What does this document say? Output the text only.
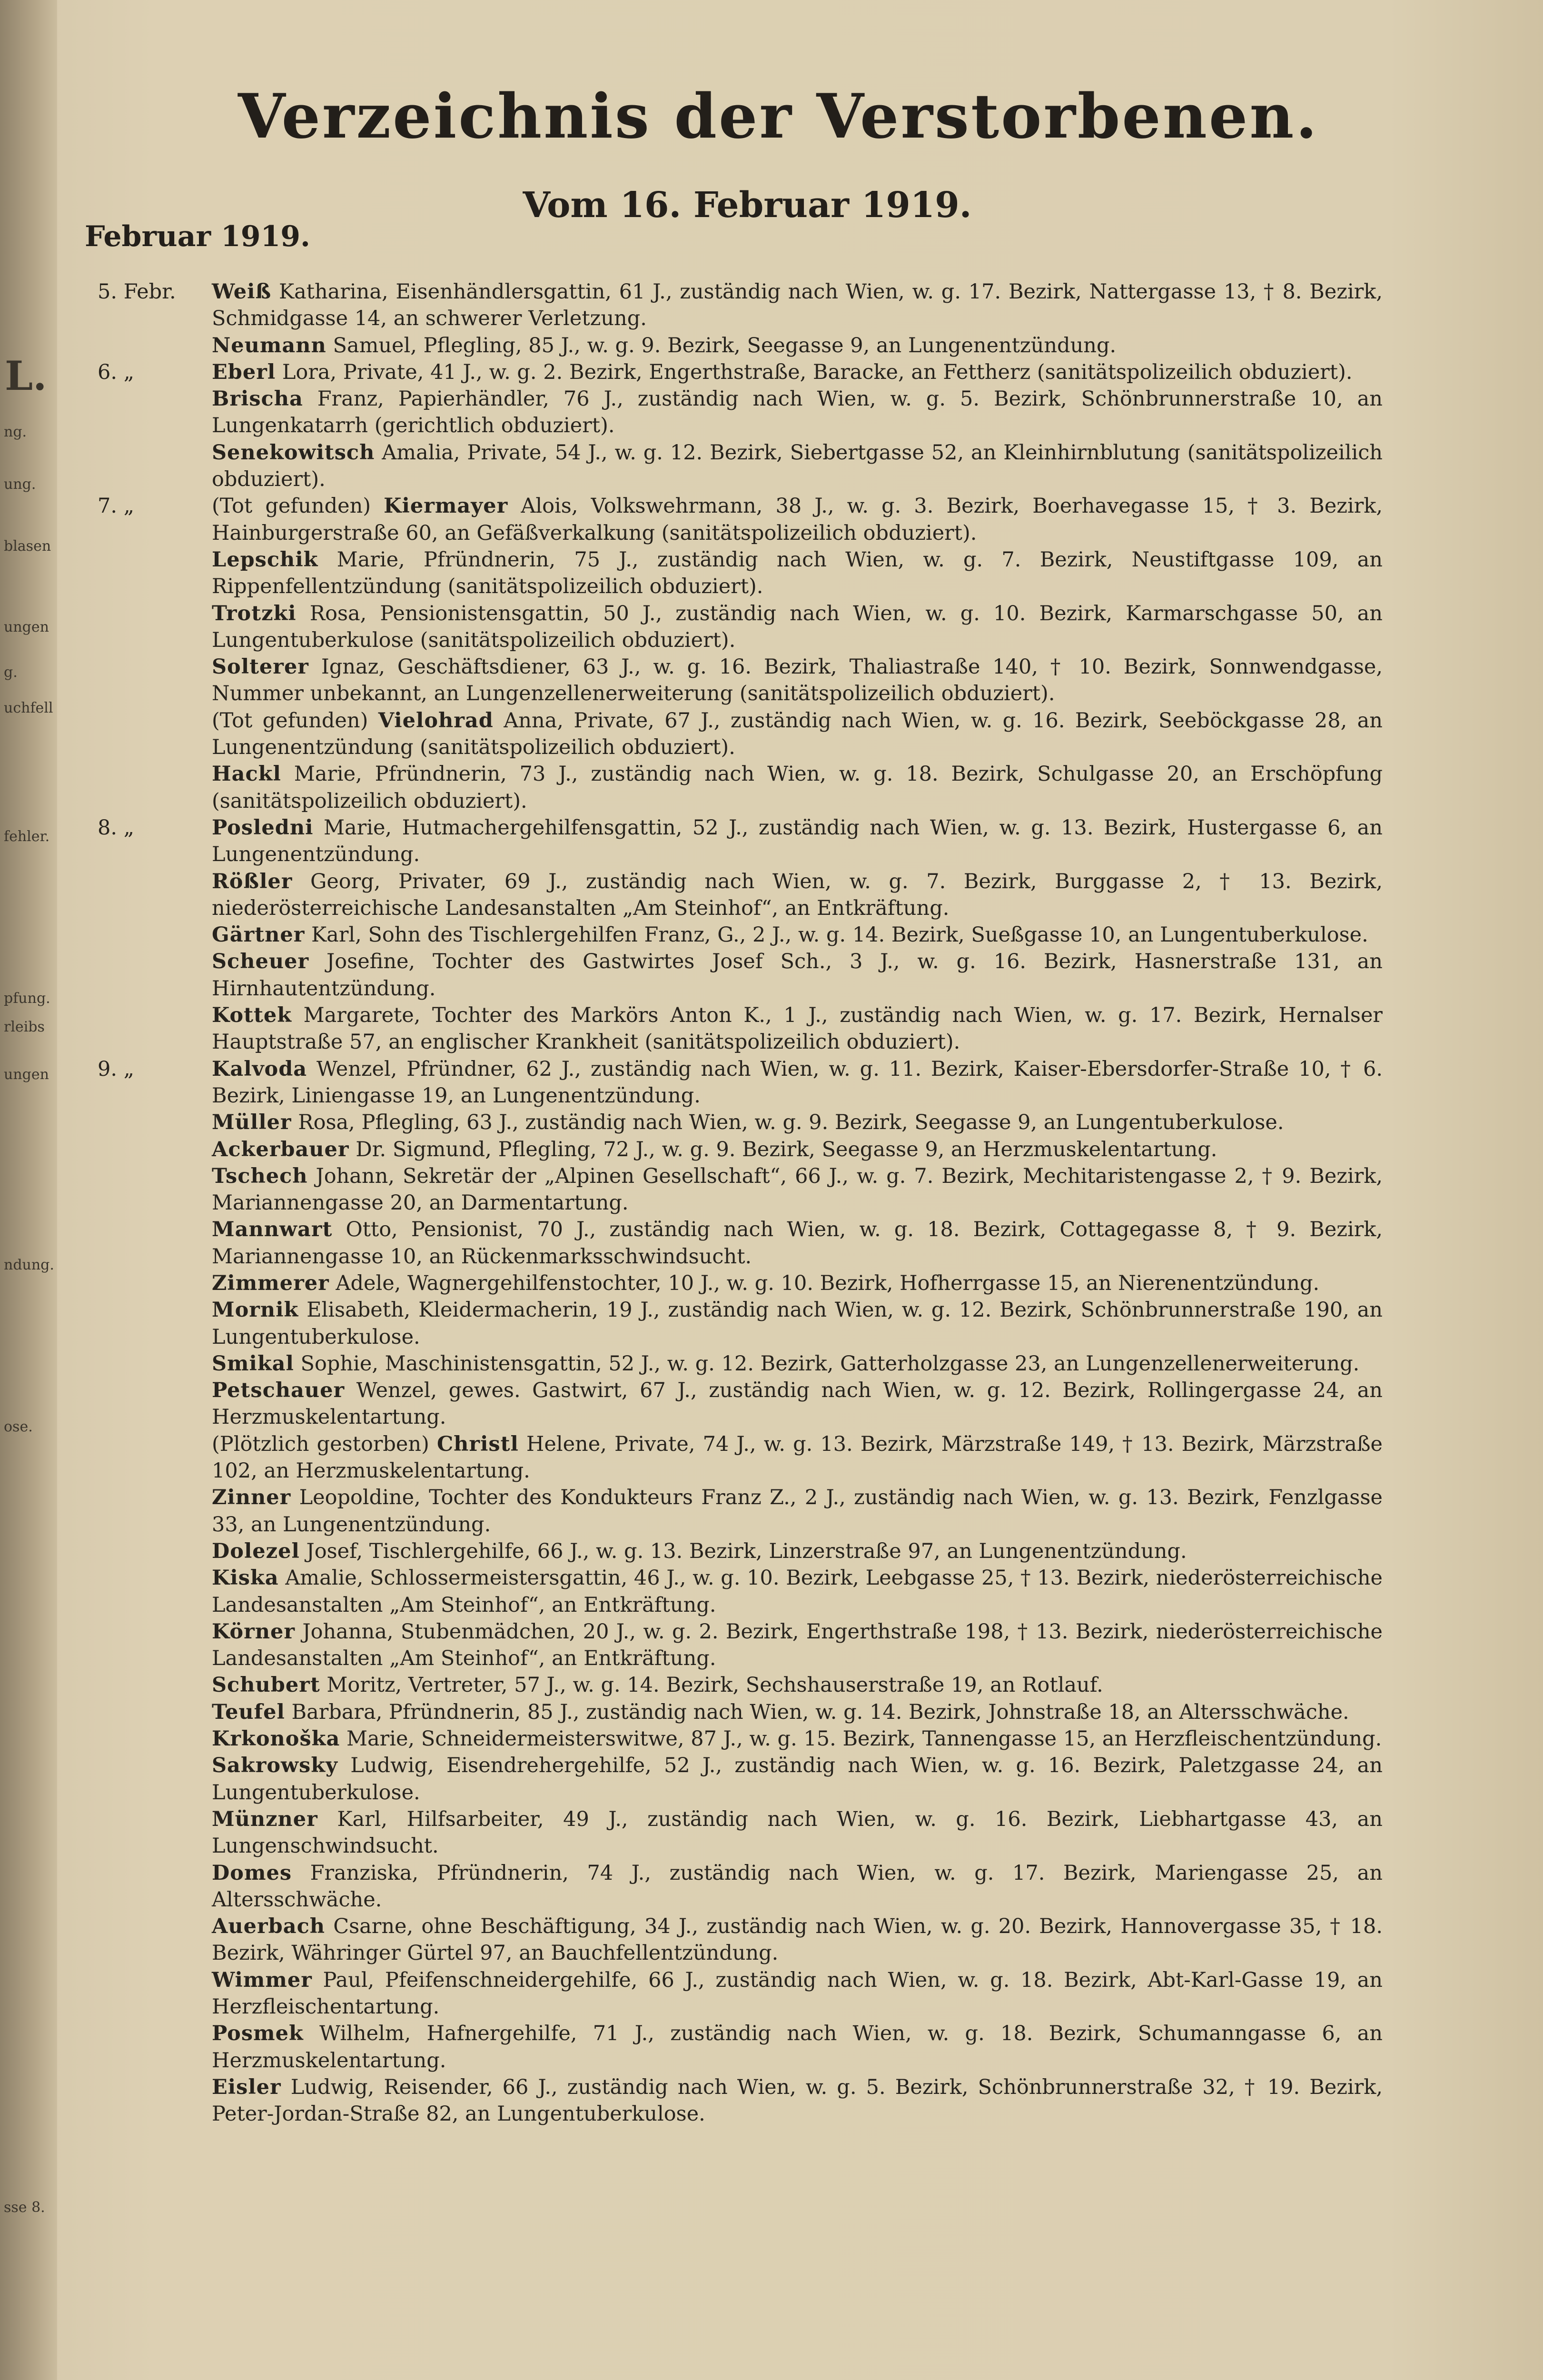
L.
ng.
ung.
blasen
ungen
g.
uchfell
fehler.
pfung.
rleibs
ungen
ndung.
ose.
sse 8.
Verzeichnis der Verstorbenen.
Vom 16. Februar 1919.
Februar 1919.
5. Febr. Weiß Katharina, Eisenhändlersgattin, 61 J., zuständig nach Wien, w. g. 17. Bezirk, Nattergasse 13, † 8. Bezirk, Schmidgasse 14, an schwerer Verletzung.
Neumann Samuel, Pflegling, 85 J., w. g. 9. Bezirk, Seegasse 9, an Lungenentzündung.
6. „	Eberl Lora, Private, 41 J., w. g. 2. Bezirk, Engerthstraße, Baracke, an Fettherz (sanitätspolizeilich obduziert).
Brischa Franz, Papierhändler, 76 J., zuständig nach Wien, w. g. 5. Bezirk, Schönbrunnerstraße 10, an Lungenkatarrh (gerichtlich obduziert).
Senekowitsch Amalia, Private, 54 J., w. g. 12. Bezirk, Siebertgasse 52, an Kleinhirnblutung (sanitätspolizeilich obduziert).
7. „	(Tot gefunden) Kiermayer Alois, Volkswehrmann, 38 J., w. g. 3. Bezirk, Boerhavegasse 15, † 3. Bezirk, Hainburgerstraße 60, an Gefäßverkalkung (sanitätspolizeilich obduziert).
Lepschik Marie, Pfründnerin, 75 J., zuständig nach Wien, w. g. 7. Bezirk, Neustiftgasse 109, an Rippenfellentzündung (sanitätspolizeilich obduziert).
Trotzki Rosa, Pensionistensgattin, 50 J., zuständig nach Wien, w. g. 10. Bezirk, Karmarschgasse 50, an Lungentuberkulose (sanitätspolizeilich obduziert).
Solterer Ignaz, Geschäftsdiener, 63 J., w. g. 16. Bezirk, Thaliastraße 140, † 10. Bezirk, Sonnwendgasse, Nummer unbekannt, an Lungenzellenerweiterung (sanitätspolizeilich obduziert).
(Tot gefunden) Vielohrad Anna, Private, 67 J., zuständig nach Wien, w. g. 16. Bezirk, Seeböckgasse 28, an Lungenentzündung (sanitätspolizeilich obduziert).
Hackl Marie, Pfründnerin, 73 J., zuständig nach Wien, w. g. 18. Bezirk, Schulgasse 20, an Erschöpfung (sanitätspolizeilich obduziert).
8. „	Posledni Marie, Hutmachergehilfensgattin, 52 J., zuständig nach Wien, w. g. 13. Bezirk, Hustergasse 6, an Lungenentzündung.
Rößler Georg, Privater, 69 J., zuständig nach Wien, w. g. 7. Bezirk, Burggasse 2, † 13. Bezirk, niederösterreichische Landesanstalten „Am Steinhof“, an Entkräftung.
Gärtner Karl, Sohn des Tischlergehilfen Franz, G., 2 J., w. g. 14. Bezirk, Sueßgasse 10, an Lungentuberkulose.
Scheuer Josefine, Tochter des Gastwirtes Josef Sch., 3 J., w. g. 16. Bezirk, Hasnerstraße 131, an Hirnhautentzündung.
Kottek Margarete, Tochter des Markörs Anton K., 1 J., zuständig nach Wien, w. g. 17. Bezirk, Hernalser Hauptstraße 57, an englischer Krankheit (sanitätspolizeilich obduziert).
9. „	Kalvoda Wenzel, Pfründner, 62 J., zuständig nach Wien, w. g. 11. Bezirk, Kaiser-Ebersdorfer-Straße 10, † 6. Bezirk, Liniengasse 19, an Lungenentzündung.
Müller Rosa, Pflegling, 63 J., zuständig nach Wien, w. g. 9. Bezirk, Seegasse 9, an Lungentuberkulose.
Ackerbauer Dr. Sigmund, Pflegling, 72 J., w. g. 9. Bezirk, Seegasse 9, an Herzmuskelentartung.
Tschech Johann, Sekretär der „Alpinen Gesellschaft“, 66 J., w. g. 7. Bezirk, Mechitaristengasse 2, † 9. Bezirk, Mariannengasse 20, an Darmentartung.
Mannwart Otto, Pensionist, 70 J., zuständig nach Wien, w. g. 18. Bezirk, Cottagegasse 8, † 9. Bezirk, Mariannengasse 10, an Rückenmarksschwindsucht.
Zimmerer Adele, Wagnergehilfenstochter, 10 J., w. g. 10. Bezirk, Hofherrgasse 15, an Nierenentzündung.
Mornik Elisabeth, Kleidermacherin, 19 J., zuständig nach Wien, w. g. 12. Bezirk, Schönbrunnerstraße 190, an Lungentuberkulose.
Smikal Sophie, Maschinistensgattin, 52 J., w. g. 12. Bezirk, Gatterholzgasse 23, an Lungenzellenerweiterung.
Petschauer Wenzel, gewes. Gastwirt, 67 J., zuständig nach Wien, w. g. 12. Bezirk, Rollingergasse 24, an Herzmuskelentartung.
(Plötzlich gestorben) Christl Helene, Private, 74 J., w. g. 13. Bezirk, Märzstraße 149, † 13. Bezirk, Märzstraße 102, an Herzmuskelentartung.
Zinner Leopoldine, Tochter des Kondukteurs Franz Z., 2 J., zuständig nach Wien, w. g. 13. Bezirk, Fenzlgasse 33, an Lungenentzündung.
Dolezel Josef, Tischlergehilfe, 66 J., w. g. 13. Bezirk, Linzerstraße 97, an Lungenentzündung.
Kiska Amalie, Schlossermeistersgattin, 46 J., w. g. 10. Bezirk, Leebgasse 25, † 13. Bezirk, niederösterreichische Landesanstalten „Am Steinhof“, an Entkräftung.
Körner Johanna, Stubenmädchen, 20 J., w. g. 2. Bezirk, Engerthstraße 198, † 13. Bezirk, niederösterreichische Landesanstalten „Am Steinhof“, an Entkräftung.
Schubert Moritz, Vertreter, 57 J., w. g. 14. Bezirk, Sechshauserstraße 19, an Rotlauf.
Teufel Barbara, Pfründnerin, 85 J., zuständig nach Wien, w. g. 14. Bezirk, Johnstraße 18, an Altersschwäche.
Krkonoška Marie, Schneidermeisterswitwe, 87 J., w. g. 15. Bezirk, Tannengasse 15, an Herzfleischentzündung.
Sakrowsky Ludwig, Eisendrehergehilfe, 52 J., zuständig nach Wien, w. g. 16. Bezirk, Paletzgasse 24, an Lungentuberkulose.
Münzner Karl, Hilfsarbeiter, 49 J., zuständig nach Wien, w. g. 16. Bezirk, Liebhartgasse 43, an Lungenschwindsucht.
Domes Franziska, Pfründnerin, 74 J., zuständig nach Wien, w. g. 17. Bezirk, Mariengasse 25, an Altersschwäche.
Auerbach Csarne, ohne Beschäftigung, 34 J., zuständig nach Wien, w. g. 20. Bezirk, Hannovergasse 35, † 18. Bezirk, Währinger Gürtel 97, an Bauchfellentzündung.
Wimmer Paul, Pfeifenschneidergehilfe, 66 J., zuständig nach Wien, w. g. 18. Bezirk, Abt-Karl-Gasse 19, an Herzfleischentartung.
Posmek Wilhelm, Hafnergehilfe, 71 J., zuständig nach Wien, w. g. 18. Bezirk, Schumanngasse 6, an Herzmuskelentartung.
Eisler Ludwig, Reisender, 66 J., zuständig nach Wien, w. g. 5. Bezirk, Schönbrunnerstraße 32, † 19. Bezirk, Peter-Jordan-Straße 82, an Lungentuberkulose.
